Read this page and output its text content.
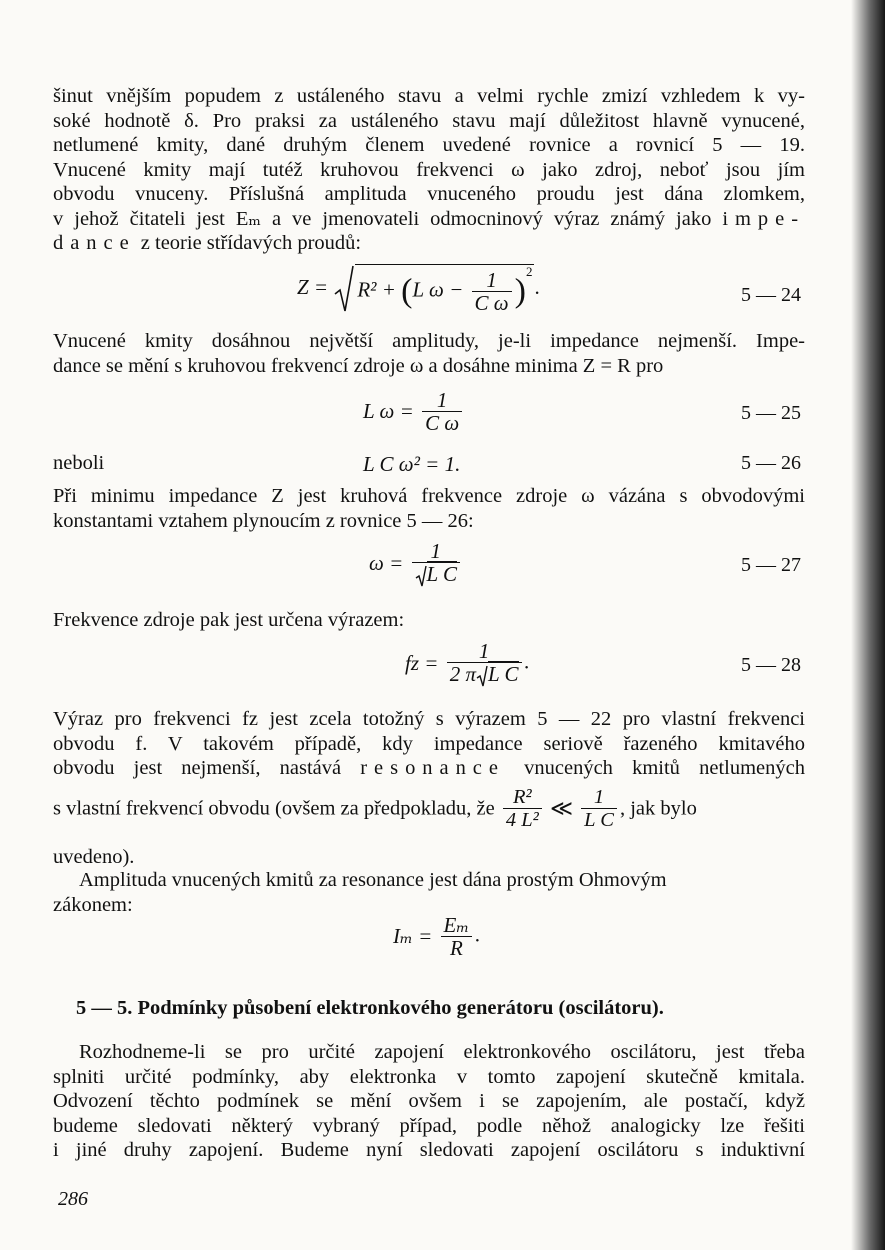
šinut vnějším popudem z ustáleného stavu a velmi rychle zmizí vzhledem k vy-
soké hodnotě δ. Pro praksi za ustáleného stavu mají důležitost hlavně vynucené,
netlumené kmity, dané druhým členem uvedené rovnice a rovnicí 5 — 19.
Vnucené kmity mají tutéž kruhovou frekvenci ω jako zdroj, neboť jsou jím
obvodu vnuceny. Příslušná amplituda vnuceného proudu jest dána zlomkem,
v jehož čitateli jest Eₘ a ve jmenovateli odmocninový výraz známý jako impe-
dance z teorie střídavých proudů:
Z = R² + (L $\omega - \frac{1}{\text{C ω}} )^2$.	5 — 24
Vnucené kmity dosáhnou největší amplitudy, je-li impedance nejmenší. Impe-
dance se mění s kruhovou frekvencí zdroje ω a dosáhne minima Z = R pro
L $\omega = \frac{1}{\text{C ω}}$	5 — 25
neboli	L C ω² = 1.	5 — 26
Při minimu impedance Z jest kruhová frekvence zdroje ω vázána s obvodovými
konstantami vztahem plynoucím z rovnice 5 — 26:
$\omega = \frac{1}{\text{L C}}$	5 — 27
Frekvence zdroje pak jest určena výrazem:
fz = $\frac{1}{\text{2 π L C}}$ .	5 — 28
Výraz pro frekvenci fz jest zcela totožný s výrazem 5 — 22 pro vlastní frekvenci
obvodu f. V takovém případě, kdy impedance seriově řazeného kmitavého
obvodu jest nejmenší, nastává resonance vnucených kmitů netlumených
s vlastní frekvencí obvodu (ovšem za předpokladu, že $\frac{\text{R²}}{\text{4 L²}}$ ≪ $\frac{1}{\text{L C}}$ , jak bylo
uvedeno).
Amplituda vnucených kmitů za resonance jest dána prostým Ohmovým
zákonem:
$I_m = \frac{\text{Eₘ}}{R}$ .
5 — 5. Podmínky působení elektronkového generátoru (oscilátoru).
Rozhodneme-li se pro určité zapojení elektronkového oscilátoru, jest třeba
splniti určité podmínky, aby elektronka v tomto zapojení skutečně kmitala.
Odvození těchto podmínek se mění ovšem i se zapojením, ale postačí, když
budeme sledovati některý vybraný případ, podle něhož analogicky lze řešiti
i jiné druhy zapojení. Budeme nyní sledovati zapojení oscilátoru s induktivní
286
